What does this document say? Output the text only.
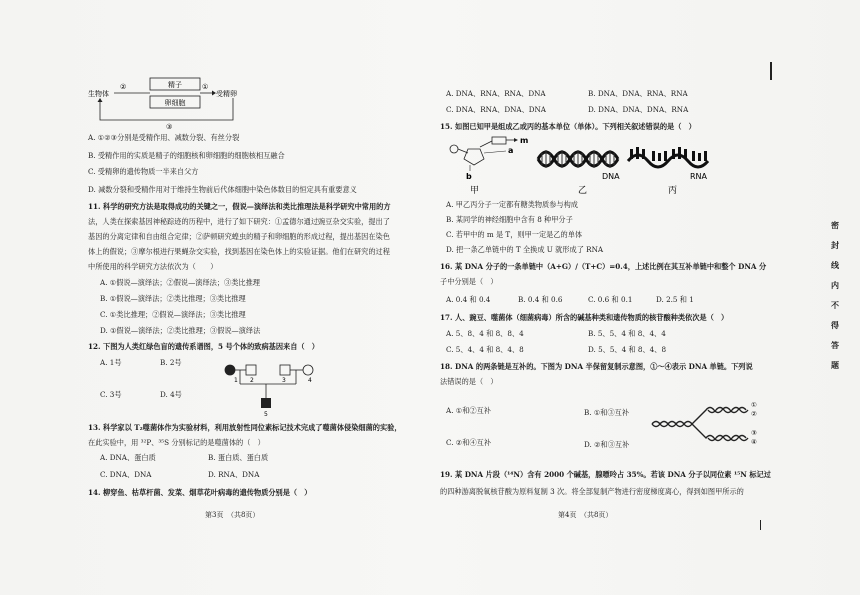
精子
卵细胞
生物体	受精卵
②	①
③
A. ①②③分别是受精作用、减数分裂、有丝分裂
B. 受精作用的实质是精子的细胞核和卵细胞的细胞核相互融合
C. 受精卵的遗传物质一半来自父方
D. 减数分裂和受精作用对于维持生物前后代体细胞中染色体数目的恒定具有重要意义
11. 科学的研究方法是取得成功的关键之一，假说—演绎法和类比推理法是科学研究中常用的方
法，人类在探索基因神秘踪迹的历程中，进行了如下研究：①孟德尔通过豌豆杂交实验，提出了
基因的分离定律和自由组合定律；②萨顿研究蝗虫的精子和卵细胞的形成过程，提出基因在染色
体上的假说；③摩尔根进行果蝇杂交实验，找到基因在染色体上的实验证据。他们在研究的过程
中所使用的科学研究方法依次为（　　）
A. ①假说—演绎法；②假说—演绎法；③类比推理
B. ①假说—演绎法；②类比推理；③类比推理
C. ①类比推理；②假说—演绎法；③类比推理
D. ①假说—演绎法；②类比推理；③假说—演绎法
12. 下图为人类红绿色盲的遗传系谱图，5 号个体的致病基因来自（　）
A. 1号	B. 2号
C. 3号	D. 4号
1 2	3	4
5
13. 科学家以 T₂噬菌体作为实验材料，利用放射性同位素标记技术完成了噬菌体侵染细菌的实验，
在此实验中，用 ³²P、³⁵S 分别标记的是噬菌体的（　）
A. DNA、蛋白质	B. 蛋白质、蛋白质
C. DNA、DNA	D. RNA、DNA
14. 柳穿鱼、枯草杆菌、发菜、烟草花叶病毒的遗传物质分别是（　）
第3页　（共8页）
A. DNA、RNA、RNA、DNA	B. DNA、DNA、RNA、RNA
C. DNA、RNA、DNA、DNA	D. DNA、DNA、DNA、RNA
15. 如图已知甲是组成乙或丙的基本单位（单体）。下列相关叙述错误的是（　）
m
a
b
甲
DNA
乙
RNA
丙
A. 甲乙丙分子一定都有糖类物质参与构成
B. 某同学的神经细胞中含有 8 种甲分子
C. 若甲中的 m 是 T，则甲一定是乙的单体
D. 把一条乙单链中的 T 全换成 U 就形成了 RNA
16. 某 DNA 分子的一条单链中（A+G）/（T+C）=0.4，上述比例在其互补单链中和整个 DNA 分
子中分别是（　）
A. 0.4 和 0.4	B. 0.4 和 0.6	C. 0.6 和 0.1	D. 2.5 和 1
17. 人、豌豆、噬菌体（细菌病毒）所含的碱基种类和遗传物质的核苷酸种类依次是（　）
A. 5、8、4 和 8、8、4	B. 5、5、4 和 8、4、4
C. 5、4、4 和 8、4、8	D. 5、5、4 和 8、4、8
18. DNA 的两条链是互补的。下图为 DNA 半保留复制示意图，①～④表示 DNA 单链。下列说
法错误的是（　）
A. ①和②互补	B. ①和③互补
C. ②和④互补	D. ②和③互补
①
②
③
④
19. 某 DNA 片段（¹⁴N）含有 2000 个碱基，腺嘌呤占 35%。若该 DNA 分子以同位素 ¹⁵N 标记过
的四种游离脱氧核苷酸为原料复制 3 次。将全部复制产物进行密度梯度离心，得到如图甲所示的
第4页　（共8页）
密
封
线
内
不
得
答
题
